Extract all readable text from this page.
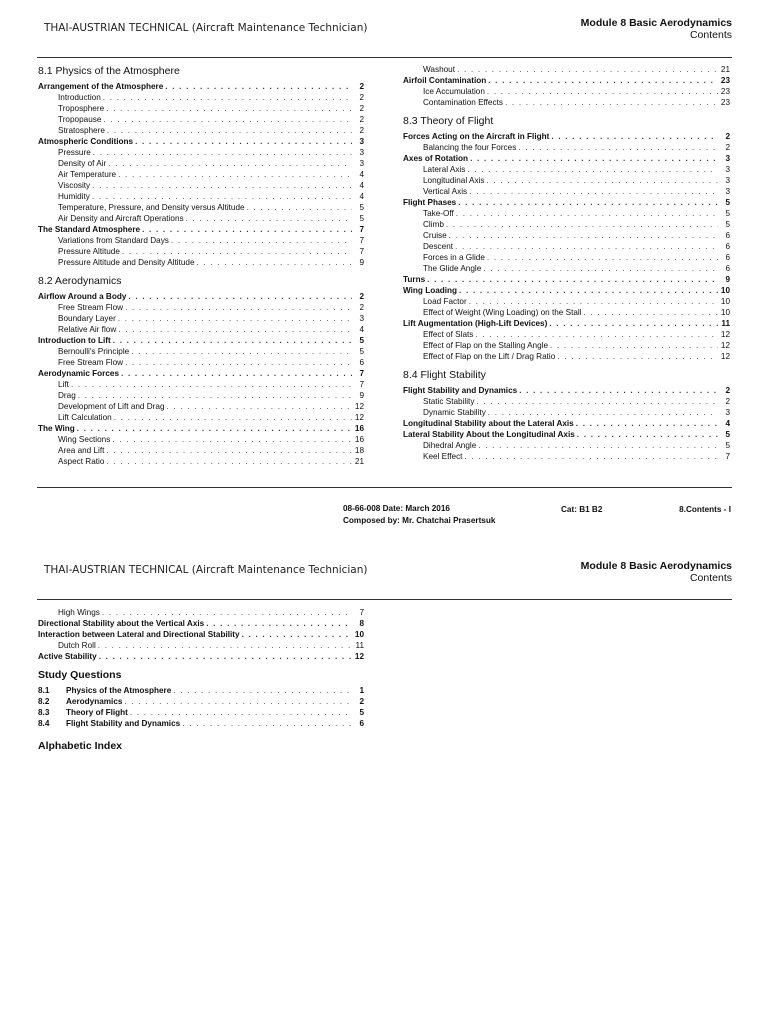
THAI-AUSTRIAN TECHNICAL (Aircraft Maintenance Technician)	Module 8 Basic Aerodynamics
Contents
8.1 Physics of the Atmosphere
Arrangement of the Atmosphere . . .	2
Introduction . . .	2
Troposphere . . .	2
Tropopause . . .	2
Stratosphere . . .	2
Atmospheric Conditions . . .	3
Pressure . . .	3
Density of Air . . .	3
Air Temperature . . .	4
Viscosity . . .	4
Humidity . . .	4
Temperature, Pressure, and Density versus Altitude . . .	5
Air Density and Aircraft Operations . . .	5
The Standard Atmosphere . . .	7
Variations from Standard Days . . .	7
Pressure Altitude . . .	7
Pressure Altitude and Density Altitude . . .	9
8.2 Aerodynamics
Airflow Around a Body . . .	2
Free Stream Flow . . .	2
Boundary Layer . . .	3
Relative Air flow . . .	4
Introduction to Lift . . .	5
Bernoulli's Principle . . .	5
Free Stream Flow . . .	6
Aerodynamic Forces . . .	7
Lift . . .	7
Drag . . .	9
Development of Lift and Drag . . .	12
Lift Calculation . . .	12
The Wing . . .	16
Wing Sections . . .	16
Area and Lift . . .	18
Aspect Ratio . . .	21
Washout . . .	21
Airfoil Contamination . . .	23
Ice Accumulation . . .	23
Contamination Effects . . .	23
8.3 Theory of Flight
Forces Acting on the Aircraft in Flight . . .	2
Balancing the four Forces . . .	2
Axes of Rotation . . .	3
Lateral Axis . . .	3
Longitudinal Axis . . .	3
Vertical Axis . . .	3
Flight Phases . . .	5
Take-Off . . .	5
Climb . . .	5
Cruise . . .	6
Descent . . .	6
Forces in a Glide . . .	6
The Glide Angle . . .	6
Turns . . .	9
Wing Loading . . .	10
Load Factor . . .	10
Effect of Weight (Wing Loading) on the Stall . . .	10
Lift Augmentation (High-Lift Devices) . . .	11
Effect of Slats . . .	12
Effect of Flap on the Stalling Angle . . .	12
Effect of Flap on the Lift / Drag Ratio . . .	12
8.4 Flight Stability
Flight Stability and Dynamics . . .	2
Static Stability . . .	2
Dynamic Stability . . .	3
Longitudinal Stability about the Lateral Axis . . .	4
Lateral Stability About the Longitudinal Axis . . .	5
Dihedral Angle . . .	5
Keel Effect . . .	7
08-66-008 Date: March 2016
Composed by: Mr. Chatchai Prasertsuk
Cat: B1 B2	8.Contents - I
THAI-AUSTRIAN TECHNICAL (Aircraft Maintenance Technician)	Module 8 Basic Aerodynamics
Contents
High Wings . . .	7
Directional Stability about the Vertical Axis . . .	8
Interaction between Lateral and Directional Stability . . .	10
Dutch Roll . . .	11
Active Stability . . .	12
Study Questions
8.1	Physics of the Atmosphere . . .	1
8.2	Aerodynamics . . .	2
8.3	Theory of Flight . . .	5
8.4	Flight Stability and Dynamics . . .	6
Alphabetic Index
